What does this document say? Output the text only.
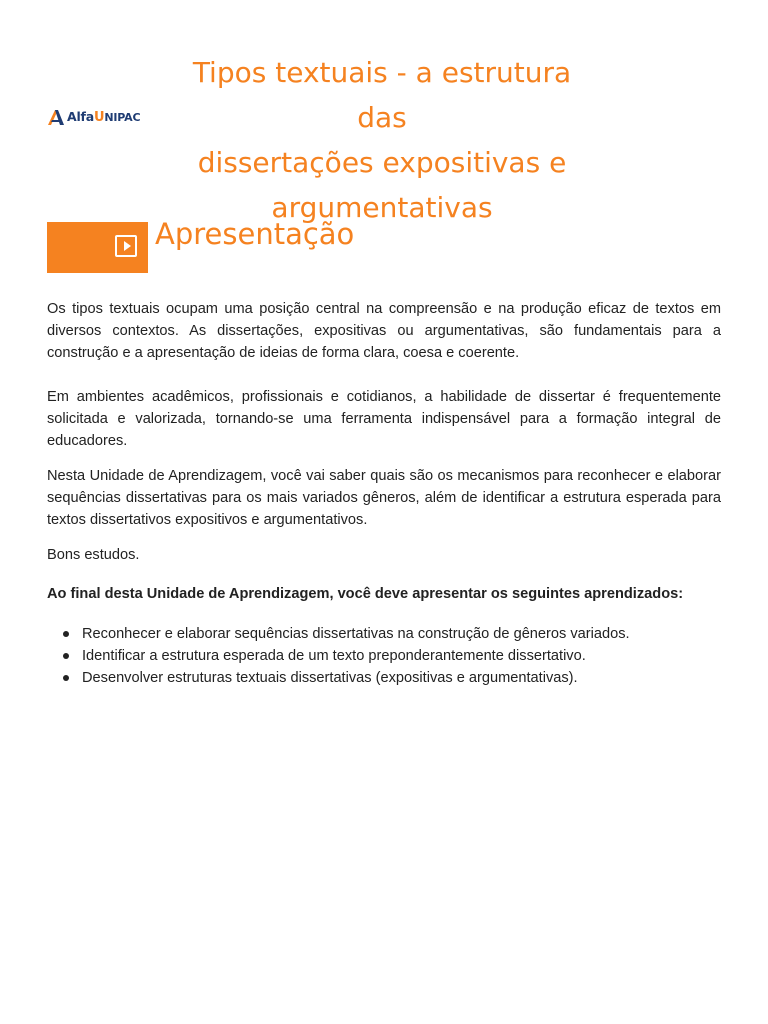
AlfaUNIPAC
Tipos textuais - a estrutura das
dissertações expositivas e
argumentativas
Apresentação

Os tipos textuais ocupam uma posição central na compreensão e na produção eficaz de textos em diversos contextos. As dissertações, expositivas ou argumentativas, são fundamentais para a construção e a apresentação de ideias de forma clara, coesa e coerente.

Em ambientes acadêmicos, profissionais e cotidianos, a habilidade de dissertar é frequentemente solicitada e valorizada, tornando-se uma ferramenta indispensável para a formação integral de educadores.

Nesta Unidade de Aprendizagem, você vai saber quais são os mecanismos para reconhecer e elaborar sequências dissertativas para os mais variados gêneros, além de identificar a estrutura esperada para textos dissertativos expositivos e argumentativos.

Bons estudos.

Ao final desta Unidade de Aprendizagem, você deve apresentar os seguintes aprendizados:

Reconhecer e elaborar sequências dissertativas na construção de gêneros variados.
Identificar a estrutura esperada de um texto preponderantemente dissertativo.
Desenvolver estruturas textuais dissertativas (expositivas e argumentativas).
